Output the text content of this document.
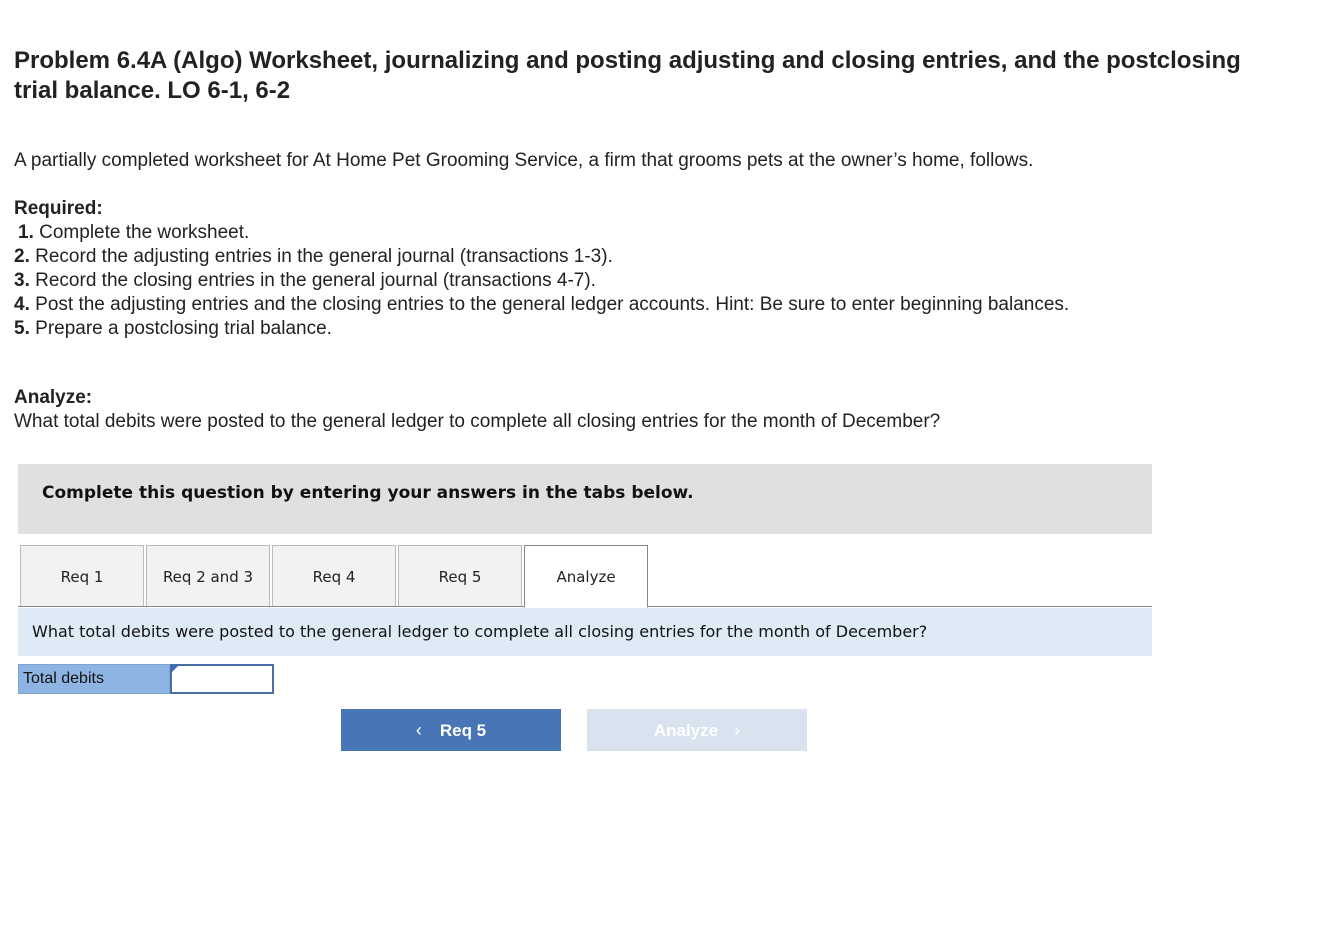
Problem 6.4A (Algo) Worksheet, journalizing and posting adjusting and closing entries, and the postclosing trial balance. LO 6-1, 6-2
A partially completed worksheet for At Home Pet Grooming Service, a firm that grooms pets at the owner’s home, follows.
Required:
1. Complete the worksheet.
2. Record the adjusting entries in the general journal (transactions 1-3).
3. Record the closing entries in the general journal (transactions 4-7).
4. Post the adjusting entries and the closing entries to the general ledger accounts. Hint: Be sure to enter beginning balances.
5. Prepare a postclosing trial balance.
Analyze:
What total debits were posted to the general ledger to complete all closing entries for the month of December?
Complete this question by entering your answers in the tabs below.
Req 1	Req 2 and 3	Req 4	Req 5	Analyze
What total debits were posted to the general ledger to complete all closing entries for the month of December?
Total debits
‹ Req 5	Analyze ›
